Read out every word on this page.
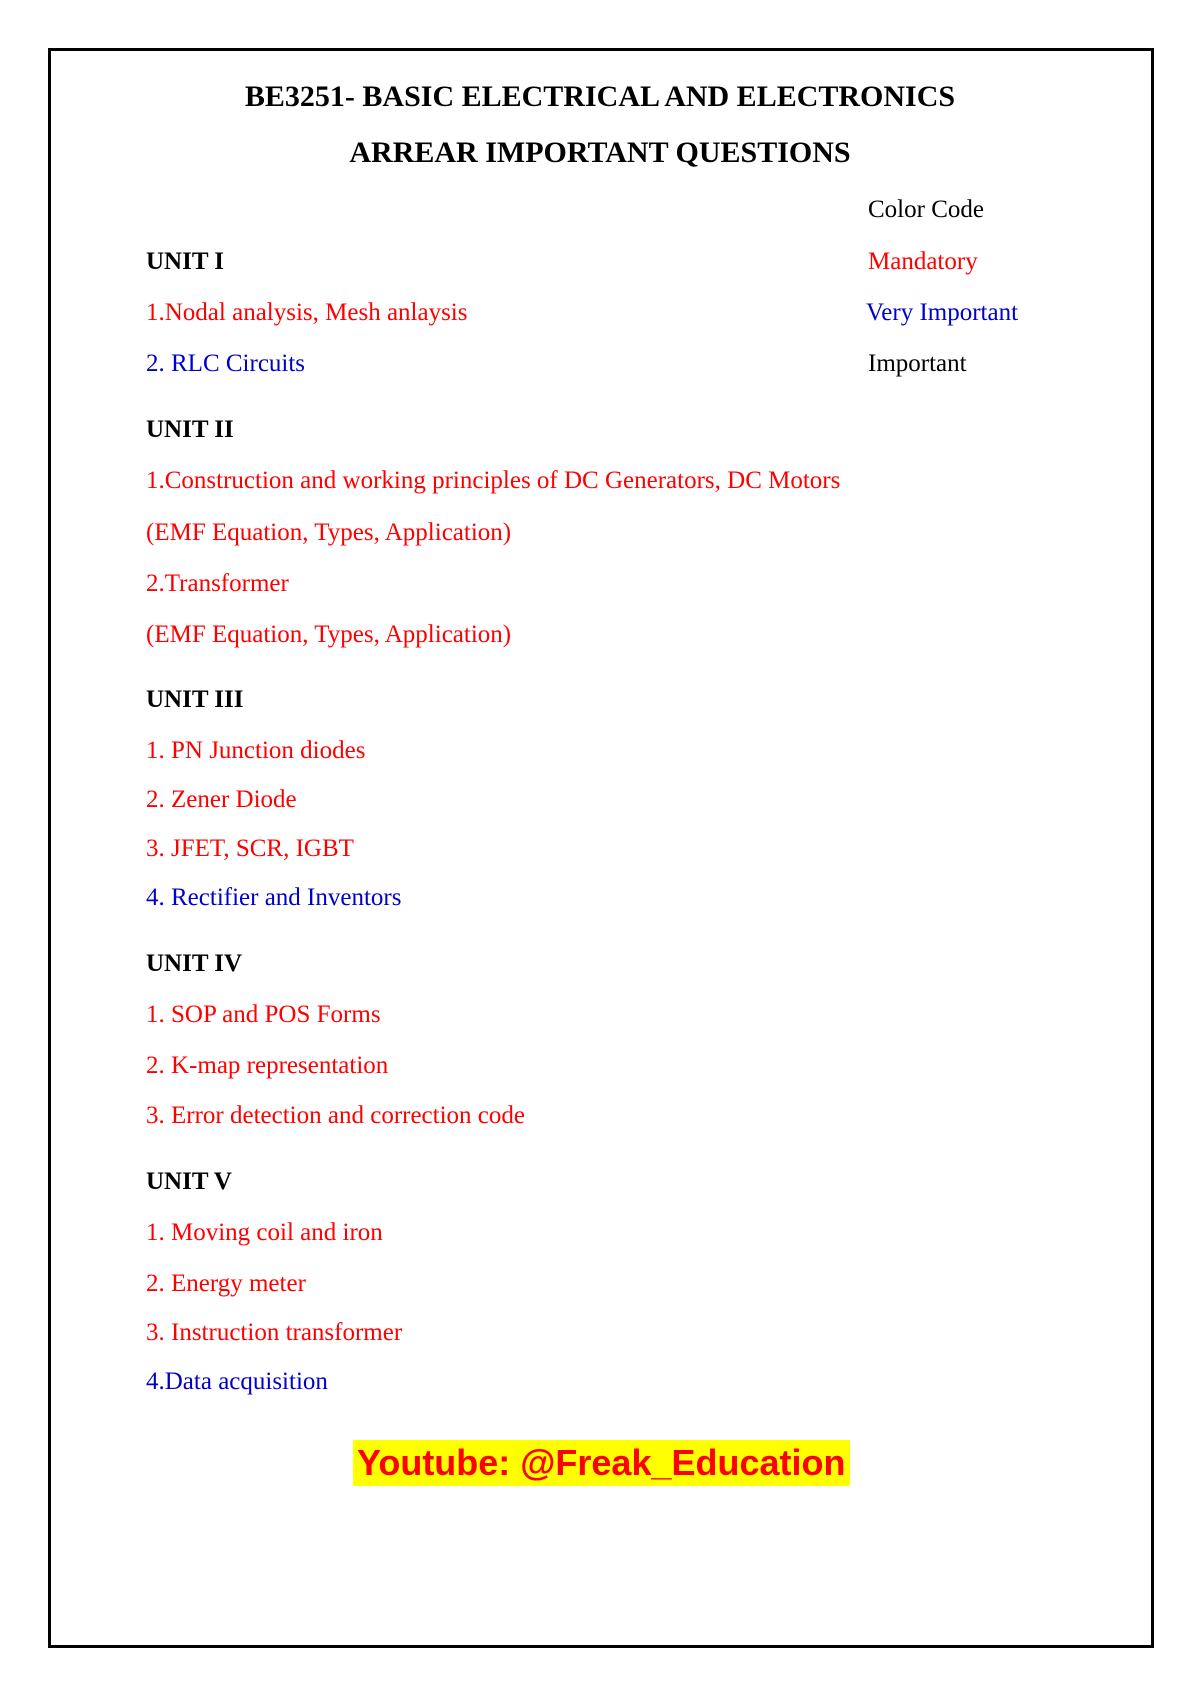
BE3251- BASIC ELECTRICAL AND ELECTRONICS
ARREAR IMPORTANT QUESTIONS
Color Code
Mandatory
Very Important
Important
UNIT I
1.Nodal analysis, Mesh anlaysis
2. RLC Circuits
UNIT II
1.Construction and working principles of DC Generators, DC Motors
(EMF Equation, Types, Application)
2.Transformer
(EMF Equation, Types, Application)
UNIT III
1. PN Junction diodes
2. Zener Diode
3. JFET, SCR, IGBT
4. Rectifier and Inventors
UNIT IV
1. SOP and POS Forms
2. K-map representation
3. Error detection and correction code
UNIT V
1. Moving coil and iron
2. Energy meter
3. Instruction transformer
4.Data acquisition
Youtube: @Freak_Education
